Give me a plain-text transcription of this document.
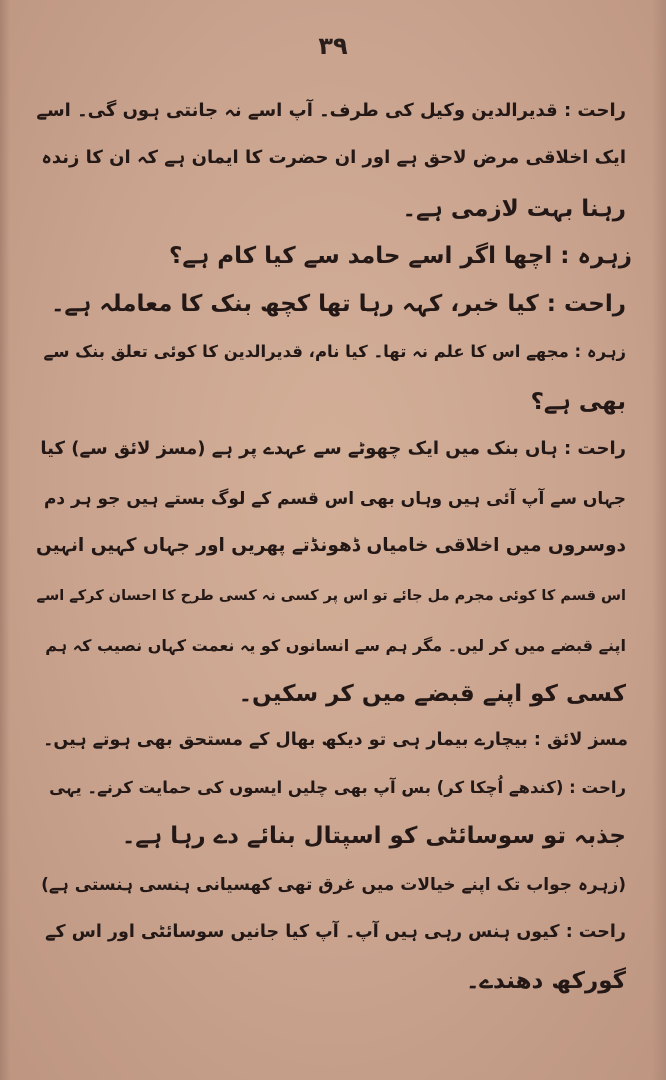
۳۹
راحت : قدیرالدین وکیل کی طرف۔ آپ اسے نہ جانتی ہوں گی۔ اسے
ایک اخلاقی مرض لاحق ہے اور ان حضرت کا ایمان ہے کہ ان کا زندہ
رہنا بہت لازمی ہے۔
زہرہ : اچھا اگر اسے حامد سے کیا کام ہے؟
راحت : کیا خبر، کہہ رہا تھا کچھ بنک کا معاملہ ہے۔
زہرہ : مجھے اس کا علم نہ تھا۔ کیا نام، قدیرالدین کا کوئی تعلق بنک سے
بھی ہے؟
راحت : ہاں بنک میں ایک چھوٹے سے عہدے پر ہے (مسز لائق سے) کیا
جہاں سے آپ آئی ہیں وہاں بھی اس قسم کے لوگ بستے ہیں جو ہر دم
دوسروں میں اخلاقی خامیاں ڈھونڈتے پھریں اور جہاں کہیں انہیں
اس قسم کا کوئی مجرم مل جائے تو اس پر کسی نہ کسی طرح کا احسان کرکے اسے
اپنے قبضے میں کر لیں۔ مگر ہم سے انسانوں کو یہ نعمت کہاں نصیب کہ ہم
کسی کو اپنے قبضے میں کر سکیں۔
مسز لائق : بیچارے بیمار ہی تو دیکھ بھال کے مستحق بھی ہوتے ہیں۔
راحت : (کندھے اُچکا کر) بس آپ بھی چلیں ایسوں کی حمایت کرنے۔ یہی
جذبہ تو سوسائٹی کو اسپتال بنائے دے رہا ہے۔
(زہرہ جواب تک اپنے خیالات میں غرق تھی کھسیانی ہنسی ہنستی ہے)
راحت : کیوں ہنس رہی ہیں آپ۔ آپ کیا جانیں سوسائٹی اور اس کے
گورکھ دھندے۔
